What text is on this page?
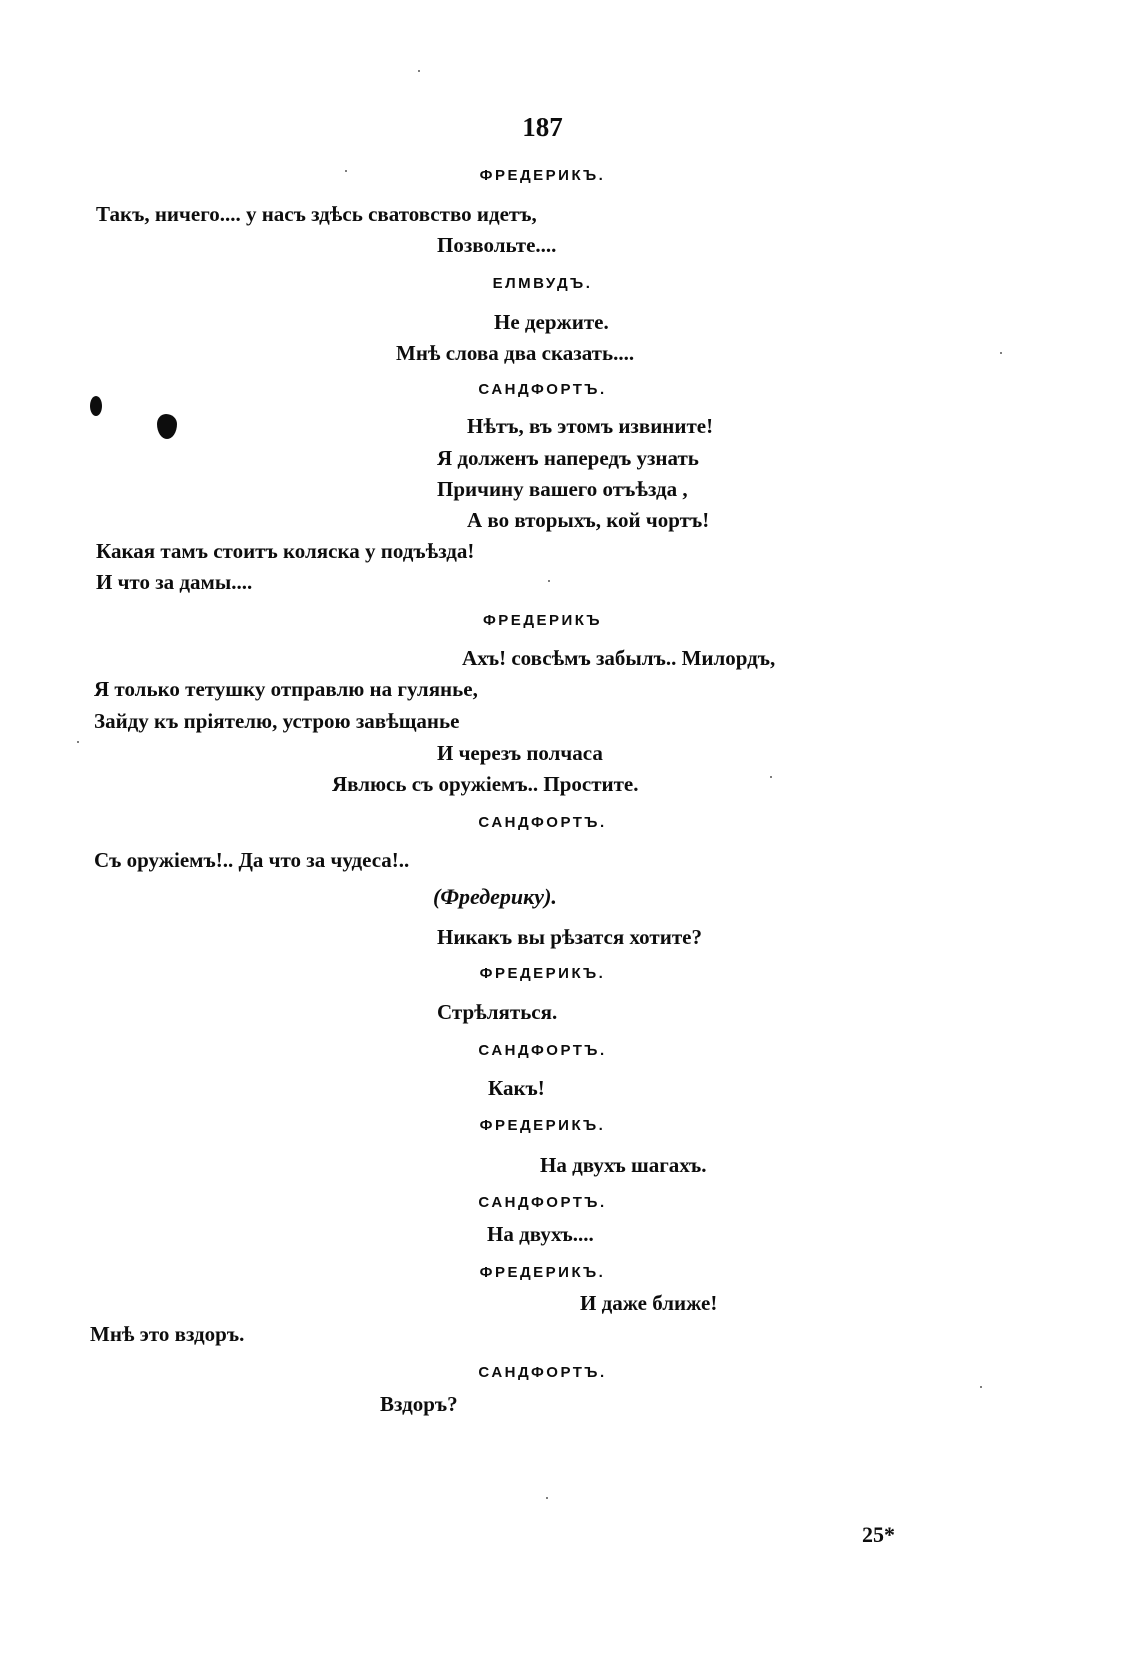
187
ФРЕДЕРИКЪ.
Такъ, ничего.... у насъ здѣсь сватовство идетъ,
Позвольте....
ЕЛМВУДЪ.
Не держите.
Мнѣ слова два сказать....
САНДФОРТЪ.
Нѣтъ, въ этомъ извините!
Я долженъ напередъ узнать
Причину вашего отъѣзда ,
А во вторыхъ, кой чортъ!
Какая тамъ стоитъ коляска у подъѣзда!
И что за дамы....
ФРЕДЕРИКЪ
Ахъ! совсѣмъ забылъ.. Милордъ,
Я только тетушку отправлю на гулянье,
Зайду къ пріятелю, устрою завѣщанье
И черезъ полчаса
Явлюсь съ оружіемъ.. Простите.
САНДФОРТЪ.
Съ оружіемъ!.. Да что за чудеса!..
(Фредерику).
Никакъ вы рѣзатся хотите?
ФРЕДЕРИКЪ.
Стрѣляться.
САНДФОРТЪ.
Какъ!
ФРЕДЕРИКЪ.
На двухъ шагахъ.
САНДФОРТЪ.
На двухъ....
ФРЕДЕРИКЪ.
И даже ближе!
Мнѣ это вздоръ.
САНДФОРТЪ.
Вздоръ?
25*
